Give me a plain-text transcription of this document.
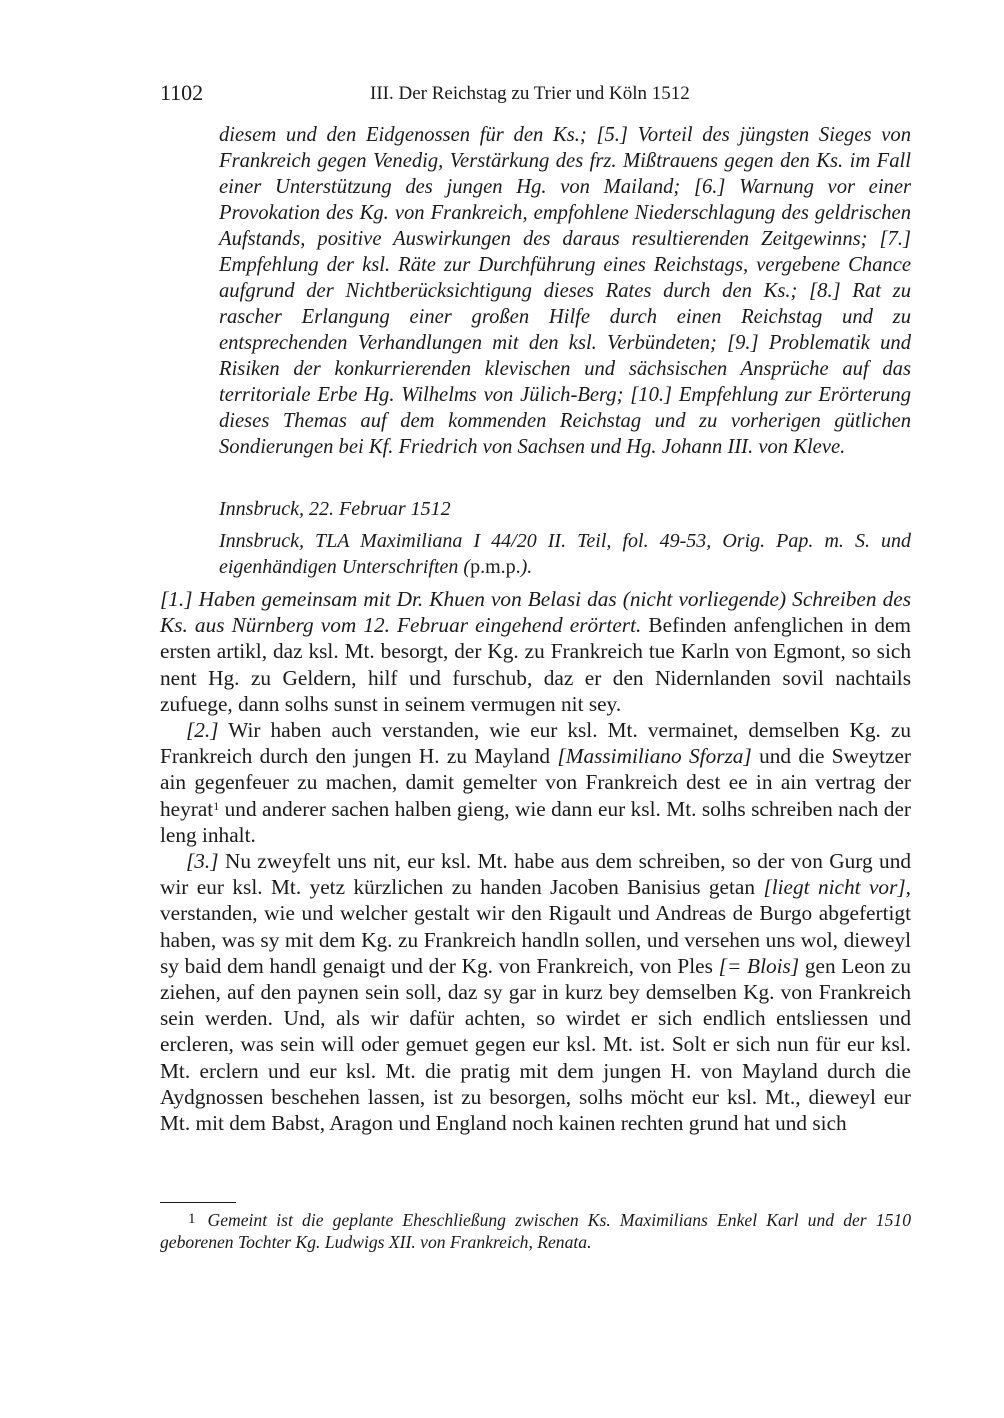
1102	III. Der Reichstag zu Trier und Köln 1512

diesem und den Eidgenossen für den Ks.; [5.] Vorteil des jüngsten Sieges von Frankreich gegen Venedig, Verstärkung des frz. Mißtrauens gegen den Ks. im Fall einer Unterstützung des jungen Hg. von Mailand; [6.] Warnung vor einer Provokation des Kg. von Frankreich, empfohlene Niederschlagung des geldrischen Aufstands, positive Auswirkungen des daraus resultierenden Zeitgewinns; [7.] Empfehlung der ksl. Räte zur Durchführung eines Reichstags, vergebene Chance aufgrund der Nichtberücksichtigung dieses Rates durch den Ks.; [8.] Rat zu rascher Erlangung einer großen Hilfe durch einen Reichstag und zu entsprechenden Verhandlungen mit den ksl. Verbündeten; [9.] Problematik und Risiken der konkurrierenden klevischen und sächsischen Ansprüche auf das territoriale Erbe Hg. Wilhelms von Jülich-Berg; [10.] Empfehlung zur Erörterung dieses Themas auf dem kommenden Reichstag und zu vorherigen gütlichen Sondierungen bei Kf. Friedrich von Sachsen und Hg. Johann III. von Kleve.

Innsbruck, 22. Februar 1512
Innsbruck, TLA Maximiliana I 44/20 II. Teil, fol. 49-53, Orig. Pap. m. S. und eigenhändigen Unterschriften (p.m.p.).

[1.] Haben gemeinsam mit Dr. Khuen von Belasi das (nicht vorliegende) Schreiben des Ks. aus Nürnberg vom 12. Februar eingehend erörtert. Befinden anfenglichen in dem ersten artikl, daz ksl. Mt. besorgt, der Kg. zu Frankreich tue Karln von Egmont, so sich nent Hg. zu Geldern, hilf und furschub, daz er den Nidernlanden sovil nachtails zufuege, dann solhs sunst in seinem vermugen nit sey.

[2.] Wir haben auch verstanden, wie eur ksl. Mt. vermainet, demselben Kg. zu Frankreich durch den jungen H. zu Mayland [Massimiliano Sforza] und die Sweytzer ain gegenfeuer zu machen, damit gemelter von Frankreich dest ee in ain vertrag der heyrat$^1$ und anderer sachen halben gieng, wie dann eur ksl. Mt. solhs schreiben nach der leng inhalt.

[3.] Nu zweyfelt uns nit, eur ksl. Mt. habe aus dem schreiben, so der von Gurg und wir eur ksl. Mt. yetz kürzlichen zu handen Jacoben Banisius getan [liegt nicht vor], verstanden, wie und welcher gestalt wir den Rigault und Andreas de Burgo abgefertigt haben, was sy mit dem Kg. zu Frankreich handln sollen, und versehen uns wol, dieweyl sy baid dem handl genaigt und der Kg. von Frankreich, von Ples [= Blois] gen Leon zu ziehen, auf den paynen sein soll, daz sy gar in kurz bey demselben Kg. von Frankreich sein werden. Und, als wir dafür achten, so wirdet er sich endlich entsliessen und ercleren, was sein will oder gemuet gegen eur ksl. Mt. ist. Solt er sich nun für eur ksl. Mt. erclern und eur ksl. Mt. die pratig mit dem jungen H. von Mayland durch die Aydgnossen beschehen lassen, ist zu besorgen, solhs möcht eur ksl. Mt., dieweyl eur Mt. mit dem Babst, Aragon und England noch kainen rechten grund hat und sich

1 Gemeint ist die geplante Eheschließung zwischen Ks. Maximilians Enkel Karl und der 1510 geborenen Tochter Kg. Ludwigs XII. von Frankreich, Renata.
